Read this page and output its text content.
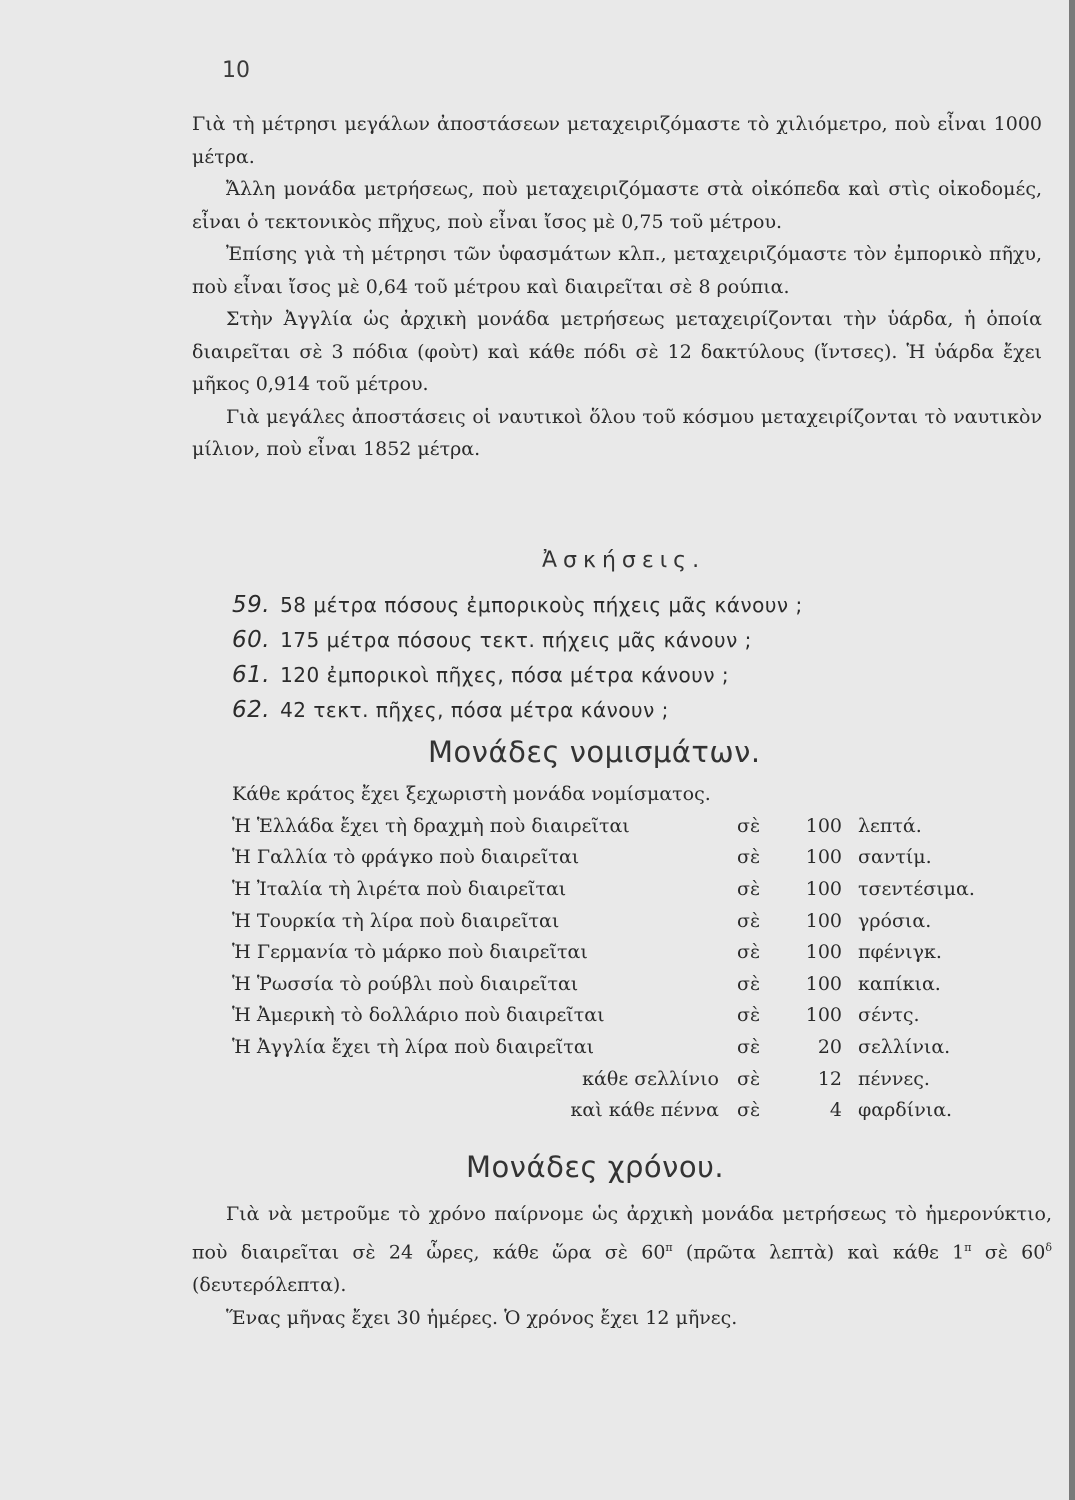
10

Γιὰ τὴ μέτρησι μεγάλων ἀποστάσεων μεταχειριζόμαστε τὸ χιλιόμετρο, ποὺ εἶναι 1000 μέτρα.

Ἄλλη μονάδα μετρήσεως, ποὺ μεταχειριζόμαστε στὰ οἰκόπεδα καὶ στὶς οἰκοδομές, εἶναι ὁ τεκτονικὸς πῆχυς, ποὺ εἶναι ἴσος μὲ 0,75 τοῦ μέτρου.

Ἐπίσης γιὰ τὴ μέτρησι τῶν ὑφασμάτων κλπ., μεταχειριζόμαστε τὸν ἐμπορικὸ πῆχυ, ποὺ εἶναι ἴσος μὲ 0,64 τοῦ μέτρου καὶ διαιρεῖται σὲ 8 ρούπια.

Στὴν Ἀγγλία ὡς ἀρχικὴ μονάδα μετρήσεως μεταχειρίζονται τὴν ὑάρδα, ἡ ὁποία διαιρεῖται σὲ 3 πόδια (φοὺτ) καὶ κάθε πόδι σὲ 12 δακτύλους (ἴντσες). Ἡ ὑάρδα ἔχει μῆκος 0,914 τοῦ μέτρου.

Γιὰ μεγάλες ἀποστάσεις οἱ ναυτικοὶ ὅλου τοῦ κόσμου μεταχειρίζονται τὸ ναυτικὸν μίλιον, ποὺ εἶναι 1852 μέτρα.

Ἀσκήσεις.
59. 58 μέτρα πόσους ἐμπορικοὺς πήχεις μᾶς κάνουν ;
60. 175 μέτρα πόσους τεκτ. πήχεις μᾶς κάνουν ;
61. 120 ἐμπορικοὶ πῆχες, πόσα μέτρα κάνουν ;
62. 42 τεκτ. πῆχες, πόσα μέτρα κάνουν ;
Μονάδες νομισμάτων.
Κάθε κράτος ἔχει ξεχωριστὴ μονάδα νομίσματος.
Ἡ Ἑλλάδα ἔχει τὴ δραχμὴ ποὺ διαιρεῖται	σὲ	100	λεπτά.
Ἡ Γαλλία τὸ φράγκο ποὺ διαιρεῖται	σὲ	100	σαντίμ.
Ἡ Ἰταλία τὴ λιρέτα ποὺ διαιρεῖται	σὲ	100	τσεντέσιμα.
Ἡ Τουρκία τὴ λίρα ποὺ διαιρεῖται	σὲ	100	γρόσια.
Ἡ Γερμανία τὸ μάρκο ποὺ διαιρεῖται	σὲ	100	πφένιγκ.
Ἡ Ῥωσσία τὸ ρούβλι ποὺ διαιρεῖται	σὲ	100	καπίκια.
Ἡ Ἀμερικὴ τὸ δολλάριο ποὺ διαιρεῖται	σὲ	100	σέντς.
Ἡ Ἀγγλία ἔχει τὴ λίρα ποὺ διαιρεῖται	σὲ	20	σελλίνια.

κάθε σελλίνιο	σὲ	12	πέννες.

καὶ κάθε πέννα	σὲ	4	φαρδίνια.
Μονάδες χρόνου.

Γιὰ νὰ μετροῦμε τὸ χρόνο παίρνομε ὡς ἀρχικὴ μονάδα μετρήσεως τὸ ἡμερονύκτιο, ποὺ διαιρεῖται σὲ 24 ὧρες, κάθε ὥρα σὲ $60^\pi$ (πρῶτα λεπτὰ) καὶ κάθε $1^\pi$ σὲ $60^\delta$ (δευτερόλεπτα).

Ἕνας μῆνας ἔχει 30 ἡμέρες. Ὁ χρόνος ἔχει 12 μῆνες.
